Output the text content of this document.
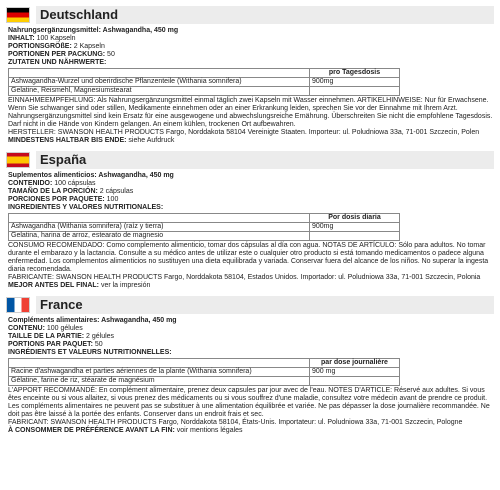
Deutschland
Nahrungsergänzungsmittel: Ashwagandha, 450 mg
INHALT: 100 Kapseln
PORTIONSGRÖßE: 2 Kapseln
PORTIONEN PER PACKUNG: 50
ZUTATEN UND NÄHRWERTE:
	pro Tagesdosis
Ashwagandha-Wurzel und oberirdische Pflanzenteile (Withania somnifera)	900mg
Gelatine, Reismehl, Magnesiumstearat	
EINNAHMEEMPFEHLUNG: Als Nahrungsergänzungsmittel einmal täglich zwei Kapseln mit Wasser einnehmen. ARTIKELHINWEISE: Nur für Erwachsene. Wenn Sie schwanger sind oder stillen, Medikamente einnehmen oder an einer Erkrankung leiden, sprechen Sie vor der Einnahme mit Ihrem Arzt. Nahrungsergänzungsmittel sind kein Ersatz für eine ausgewogene und abwechslungsreiche Ernährung. Überschreiten Sie nicht die empfohlene Tagesdosis. Darf nicht in die Hände von Kindern gelangen. An einem kühlen, trockenen Ort aufbewahren.
HERSTELLER: SWANSON HEALTH PRODUCTS Fargo, Norddakota 58104 Vereinigte Staaten. Importeur: ul. Poludniowa 33a, 71-001 Szczecin, Polen
MINDESTENS HALTBAR BIS ENDE: siehe Aufdruck
España
Suplementos alimenticios: Ashwagandha, 450 mg
CONTENIDO: 100 cápsulas
TAMAÑO DE LA PORCIÓN: 2 cápsulas
PORCIONES POR PAQUETE: 100
INGREDIENTES Y VALORES NUTRITIONALES:
	Por dosis diaria
Ashwagandha (Withania somnifera) (raíz y tierra)	900mg
Gelatina, harina de arroz, estearato de magnesio	
CONSUMO RECOMENDADO: Como complemento alimenticio, tomar dos cápsulas al día con agua. NOTAS DE ARTÍCULO: Sólo para adultos. No tomar durante el embarazo y la lactancia. Consulte a su médico antes de utilizar este o cualquier otro producto si está tomando medicamentos o padece alguna enfermedad. Los complementos alimenticios no sustituyen una dieta equilibrada y variada. Conservar fuera del alcance de los niños. No superar la ingesta diaria recomendada.
FABRICANTE: SWANSON HEALTH PRODUCTS Fargo, Norddakota 58104, Estados Unidos. Importador: ul. Poludniowa 33a, 71-001 Szczecin, Polonia
MEJOR ANTES DEL FINAL: ver la impresión
France
Compléments alimentaires: Ashwagandha, 450 mg
CONTENU: 100 gélules
TAILLE DE LA PARTIE: 2 gélules
PORTIONS PAR PAQUET: 50
INGRÉDIENTS ET VALEURS NUTRITIONNELLES:
	par dose journalière
Racine d'ashwagandha et parties aériennes de la plante (Withania somnifera)	900 mg
Gélatine, farine de riz, stéarate de magnésium	
L'APPORT RECOMMANDÉ: En complément alimentaire, prenez deux capsules par jour avec de l'eau. NOTES D'ARTICLE: Réservé aux adultes. Si vous êtes enceinte ou si vous allaitez, si vous prenez des médicaments ou si vous souffrez d'une maladie, consultez votre médecin avant de prendre ce produit. Les compléments alimentaires ne peuvent pas se substituer à une alimentation équilibrée et variée. Ne pas dépasser la dose journalière recommandée. Ne doit pas être laissé à la portée des enfants. Conserver dans un endroit frais et sec.
FABRICANT: SWANSON HEALTH PRODUCTS Fargo, Norddakota 58104, États-Unis. Importateur: ul. Poludniowa 33a, 71-001 Szczecin, Pologne
À CONSOMMER DE PRÉFÉRENCE AVANT LA FIN: voir mentions légales
